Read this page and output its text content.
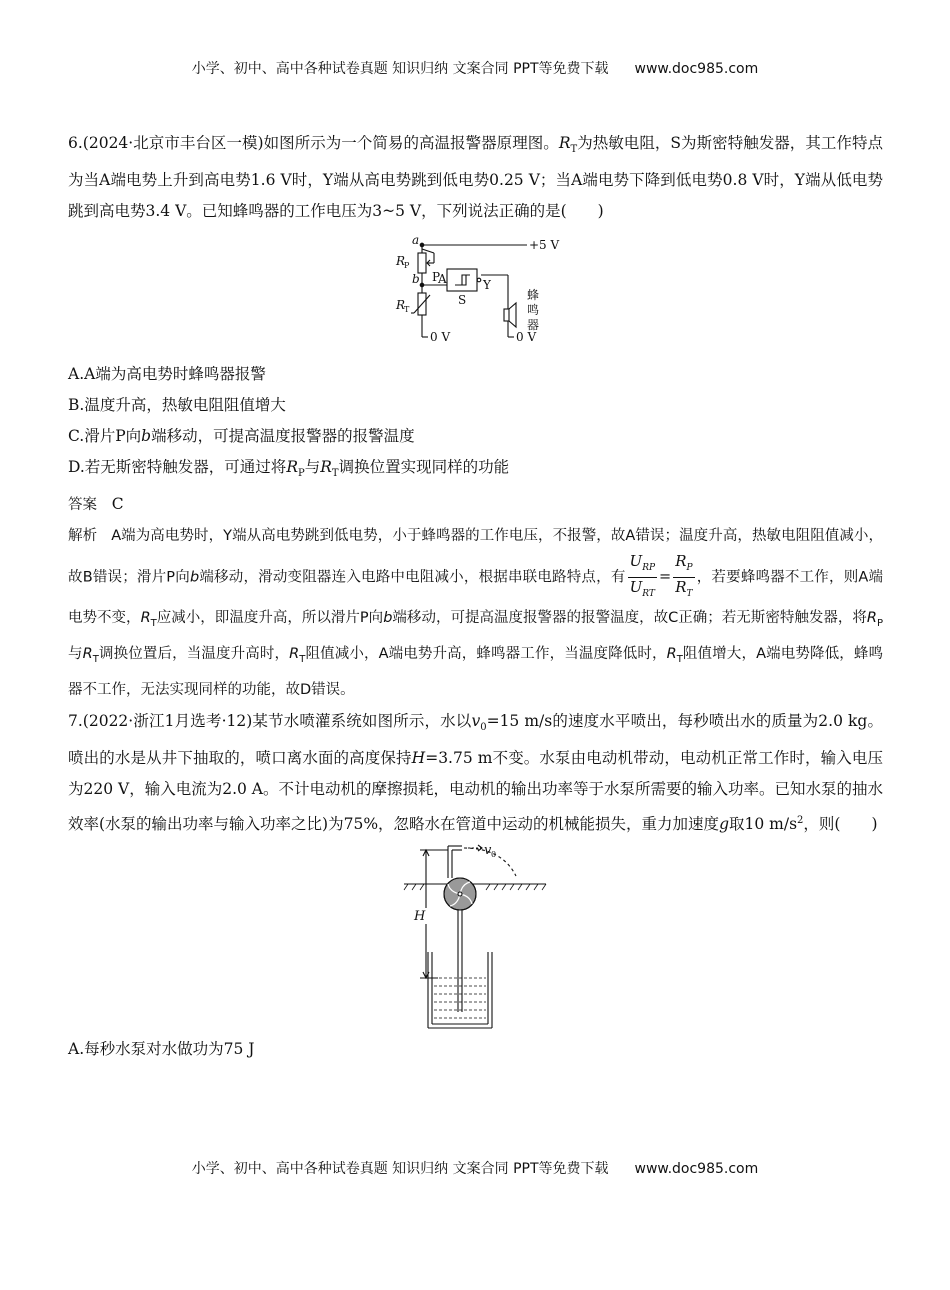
小学、初中、高中各种试卷真题 知识归纳 文案合同 PPT等免费下载 www.doc985.com

6.(2024·北京市丰台区一模)如图所示为一个简易的高温报警器原理图。$R_T$为热敏电阻，S为斯密特触发器，其工作特点为当A端电势上升到高电势1.6 V时，Y端从高电势跳到低电势0.25 V；当A端电势下降到低电势0.8 V时，Y端从低电势跳到高电势3.4 V。已知蜂鸣器的工作电压为3~5 V，下列说法正确的是(　　)

+5 V
0 V	0 V
a
b
R
P
P
R
T
S
A	Y
蜂
鸣
器

A.A端为高电势时蜂鸣器报警

B.温度升高，热敏电阻阻值增大

C.滑片P向b端移动，可提高温度报警器的报警温度

D.若无斯密特触发器，可通过将$R_P$与$R_T$调换位置实现同样的功能

答案 C

解析 A端为高电势时，Y端从高电势跳到低电势，小于蜂鸣器的工作电压，不报警，故A错误；温度升高，热敏电阻阻值减小，故B错误；滑片P向b端移动，滑动变阻器连入电路中电阻减小，根据串联电路特点，有 $\frac{U_{RP}}{U_{RT}} = \frac{R_P}{R_T}$ ，若要蜂鸣器不工作，则A端电势不变，$R_T$应减小，即温度升高，所以滑片P向b端移动，可提高温度报警器的报警温度，故C正确；若无斯密特触发器，将$R_P$与$R_T$调换位置后，当温度升高时，$R_T$阻值减小，A端电势升高，蜂鸣器工作，当温度降低时，$R_T$阻值增大，A端电势降低，蜂鸣器不工作，无法实现同样的功能，故D错误。

7.(2022·浙江1月选考·12)某节水喷灌系统如图所示，水以$v_0=15$ m/s的速度水平喷出，每秒喷出水的质量为2.0 kg。喷出的水是从井下抽取的，喷口离水面的高度保持H=3.75 m不变。水泵由电动机带动，电动机正常工作时，输入电压为220 V，输入电流为2.0 A。不计电动机的摩擦损耗，电动机的输出功率等于水泵所需要的输入功率。已知水泵的抽水效率(水泵的输出功率与输入功率之比)为75%，忽略水在管道中运动的机械能损失，重力加速度g取10 $m/s^2$，则(　　)

v 0
H

A.每秒水泵对水做功为75 J

小学、初中、高中各种试卷真题 知识归纳 文案合同 PPT等免费下载 www.doc985.com
